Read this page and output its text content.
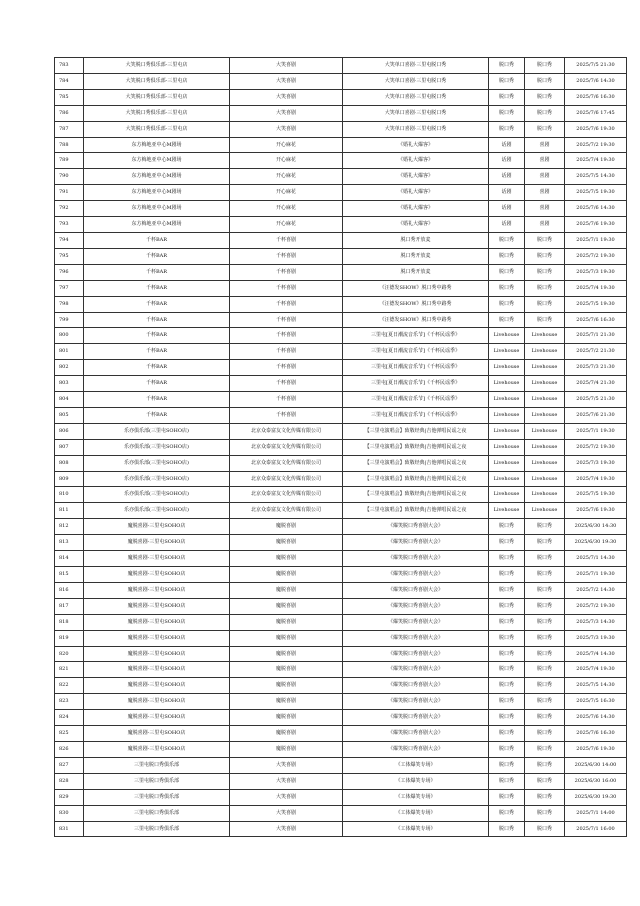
783	大笑脱口秀俱乐部-三里屯店	大笑喜剧	大笑单口喜剧·三里屯脱口秀	脱口秀	脱口秀	2025/7/5 21:30
784	大笑脱口秀俱乐部-三里屯店	大笑喜剧	大笑单口喜剧·三里屯脱口秀	脱口秀	脱口秀	2025/7/6 14:30
785	大笑脱口秀俱乐部-三里屯店	大笑喜剧	大笑单口喜剧·三里屯脱口秀	脱口秀	脱口秀	2025/7/6 16:30
786	大笑脱口秀俱乐部-三里屯店	大笑喜剧	大笑单口喜剧·三里屯脱口秀	脱口秀	脱口秀	2025/7/6 17:45
787	大笑脱口秀俱乐部-三里屯店	大笑喜剧	大笑单口喜剧·三里屯脱口秀	脱口秀	脱口秀	2025/7/6 19:30
788	东方梅地亚中心M剧场	开心麻花	《婚礼大爆客》	话剧	喜剧	2025/7/2 19:30
789	东方梅地亚中心M剧场	开心麻花	《婚礼大爆客》	话剧	喜剧	2025/7/4 19:30
790	东方梅地亚中心M剧场	开心麻花	《婚礼大爆客》	话剧	喜剧	2025/7/5 14:30
791	东方梅地亚中心M剧场	开心麻花	《婚礼大爆客》	话剧	喜剧	2025/7/5 19:30
792	东方梅地亚中心M剧场	开心麻花	《婚礼大爆客》	话剧	喜剧	2025/7/6 14:30
793	东方梅地亚中心M剧场	开心麻花	《婚礼大爆客》	话剧	喜剧	2025/7/6 19:30
794	千杯BAR	千杯喜剧	脱口秀开放麦	脱口秀	脱口秀	2025/7/1 19:30
795	千杯BAR	千杯喜剧	脱口秀开放麦	脱口秀	脱口秀	2025/7/2 19:30
796	千杯BAR	千杯喜剧	脱口秀开放麦	脱口秀	脱口秀	2025/7/3 19:30
797	千杯BAR	千杯喜剧	《汪德发SHOW》脱口秀中路秀	脱口秀	脱口秀	2025/7/4 19:30
798	千杯BAR	千杯喜剧	《汪德发SHOW》脱口秀中路秀	脱口秀	脱口秀	2025/7/5 19:30
799	千杯BAR	千杯喜剧	《汪德发SHOW》脱口秀中路秀	脱口秀	脱口秀	2025/7/6 16:30
800	千杯BAR	千杯喜剧	三里屯[夏日潮流音乐节]《千杯民谣季》	Livehouse	Livehouse	2025/7/1 21:30
801	千杯BAR	千杯喜剧	三里屯[夏日潮流音乐节]《千杯民谣季》	Livehouse	Livehouse	2025/7/2 21:30
802	千杯BAR	千杯喜剧	三里屯[夏日潮流音乐节]《千杯民谣季》	Livehouse	Livehouse	2025/7/3 21:30
803	千杯BAR	千杯喜剧	三里屯[夏日潮流音乐节]《千杯民谣季》	Livehouse	Livehouse	2025/7/4 21:30
804	千杯BAR	千杯喜剧	三里屯[夏日潮流音乐节]《千杯民谣季》	Livehouse	Livehouse	2025/7/5 21:30
805	千杯BAR	千杯喜剧	三里屯[夏日潮流音乐节]《千杯民谣季》	Livehouse	Livehouse	2025/7/6 21:30
806	乐亦俱乐部(三里屯SOHO店)	北京众泰富友文化传媒有限公司	【三里屯演唱会】致敬经典|吉他弹唱民谣之夜	Livehouse	Livehouse	2025/7/1 19:30
807	乐亦俱乐部(三里屯SOHO店)	北京众泰富友文化传媒有限公司	【三里屯演唱会】致敬经典|吉他弹唱民谣之夜	Livehouse	Livehouse	2025/7/2 19:30
808	乐亦俱乐部(三里屯SOHO店)	北京众泰富友文化传媒有限公司	【三里屯演唱会】致敬经典|吉他弹唱民谣之夜	Livehouse	Livehouse	2025/7/3 19:30
809	乐亦俱乐部(三里屯SOHO店)	北京众泰富友文化传媒有限公司	【三里屯演唱会】致敬经典|吉他弹唱民谣之夜	Livehouse	Livehouse	2025/7/4 19:30
810	乐亦俱乐部(三里屯SOHO店)	北京众泰富友文化传媒有限公司	【三里屯演唱会】致敬经典|吉他弹唱民谣之夜	Livehouse	Livehouse	2025/7/5 19:30
811	乐亦俱乐部(三里屯SOHO店)	北京众泰富友文化传媒有限公司	【三里屯演唱会】致敬经典|吉他弹唱民谣之夜	Livehouse	Livehouse	2025/7/6 19:30
812	魔脱喜剧-三里屯SOHO店	魔脱喜剧	《爆笑脱口秀喜剧大会》	脱口秀	脱口秀	2025/6/30 14:30
813	魔脱喜剧-三里屯SOHO店	魔脱喜剧	《爆笑脱口秀喜剧大会》	脱口秀	脱口秀	2025/6/30 19:30
814	魔脱喜剧-三里屯SOHO店	魔脱喜剧	《爆笑脱口秀喜剧大会》	脱口秀	脱口秀	2025/7/1 14:30
815	魔脱喜剧-三里屯SOHO店	魔脱喜剧	《爆笑脱口秀喜剧大会》	脱口秀	脱口秀	2025/7/1 19:30
816	魔脱喜剧-三里屯SOHO店	魔脱喜剧	《爆笑脱口秀喜剧大会》	脱口秀	脱口秀	2025/7/2 14:30
817	魔脱喜剧-三里屯SOHO店	魔脱喜剧	《爆笑脱口秀喜剧大会》	脱口秀	脱口秀	2025/7/2 19:30
818	魔脱喜剧-三里屯SOHO店	魔脱喜剧	《爆笑脱口秀喜剧大会》	脱口秀	脱口秀	2025/7/3 14:30
819	魔脱喜剧-三里屯SOHO店	魔脱喜剧	《爆笑脱口秀喜剧大会》	脱口秀	脱口秀	2025/7/3 19:30
820	魔脱喜剧-三里屯SOHO店	魔脱喜剧	《爆笑脱口秀喜剧大会》	脱口秀	脱口秀	2025/7/4 14:30
821	魔脱喜剧-三里屯SOHO店	魔脱喜剧	《爆笑脱口秀喜剧大会》	脱口秀	脱口秀	2025/7/4 19:30
822	魔脱喜剧-三里屯SOHO店	魔脱喜剧	《爆笑脱口秀喜剧大会》	脱口秀	脱口秀	2025/7/5 14:30
823	魔脱喜剧-三里屯SOHO店	魔脱喜剧	《爆笑脱口秀喜剧大会》	脱口秀	脱口秀	2025/7/5 16:30
824	魔脱喜剧-三里屯SOHO店	魔脱喜剧	《爆笑脱口秀喜剧大会》	脱口秀	脱口秀	2025/7/6 14:30
825	魔脱喜剧-三里屯SOHO店	魔脱喜剧	《爆笑脱口秀喜剧大会》	脱口秀	脱口秀	2025/7/6 16:30
826	魔脱喜剧-三里屯SOHO店	魔脱喜剧	《爆笑脱口秀喜剧大会》	脱口秀	脱口秀	2025/7/6 19:30
827	三里屯脱口秀俱乐部	大笑喜剧	《工体爆笑专场》	脱口秀	脱口秀	2025/6/30 14:00
828	三里屯脱口秀俱乐部	大笑喜剧	《工体爆笑专场》	脱口秀	脱口秀	2025/6/30 16:00
829	三里屯脱口秀俱乐部	大笑喜剧	《工体爆笑专场》	脱口秀	脱口秀	2025/6/30 19:30
830	三里屯脱口秀俱乐部	大笑喜剧	《工体爆笑专场》	脱口秀	脱口秀	2025/7/1 14:00
831	三里屯脱口秀俱乐部	大笑喜剧	《工体爆笑专场》	脱口秀	脱口秀	2025/7/1 16:00
